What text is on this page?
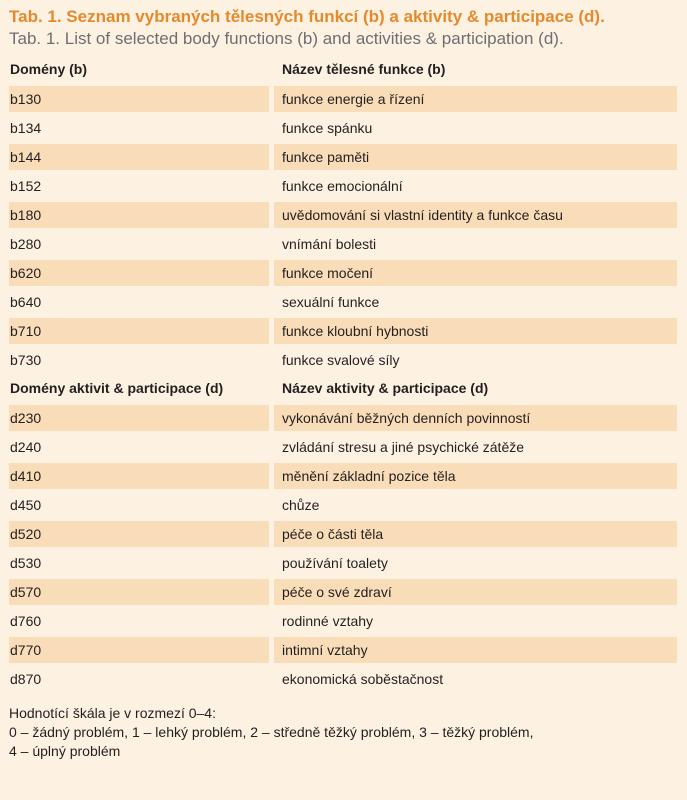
Tab. 1. Seznam vybraných tělesných funkcí (b) a aktivity & participace (d).
Tab. 1. List of selected body functions (b) and activities & participation (d).
Domény (b)	Název tělesné funkce (b)
b130	funkce energie a řízení
b134	funkce spánku
b144	funkce paměti
b152	funkce emocionální
b180	uvědomování si vlastní identity a funkce času
b280	vnímání bolesti
b620	funkce močení
b640	sexuální funkce
b710	funkce kloubní hybnosti
b730	funkce svalové síly
Domény aktivit & participace (d)	Název aktivity & participace (d)
d230	vykonávání běžných denních povinností
d240	zvládání stresu a jiné psychické zátěže
d410	měnění základní pozice těla
d450	chůze
d520	péče o části těla
d530	používání toalety
d570	péče o své zdraví
d760	rodinné vztahy
d770	intimní vztahy
d870	ekonomická soběstačnost
Hodnotící škála je v rozmezí 0–4:
0 – žádný problém, 1 – lehký problém, 2 – středně těžký problém, 3 – těžký problém,
4 – úplný problém
